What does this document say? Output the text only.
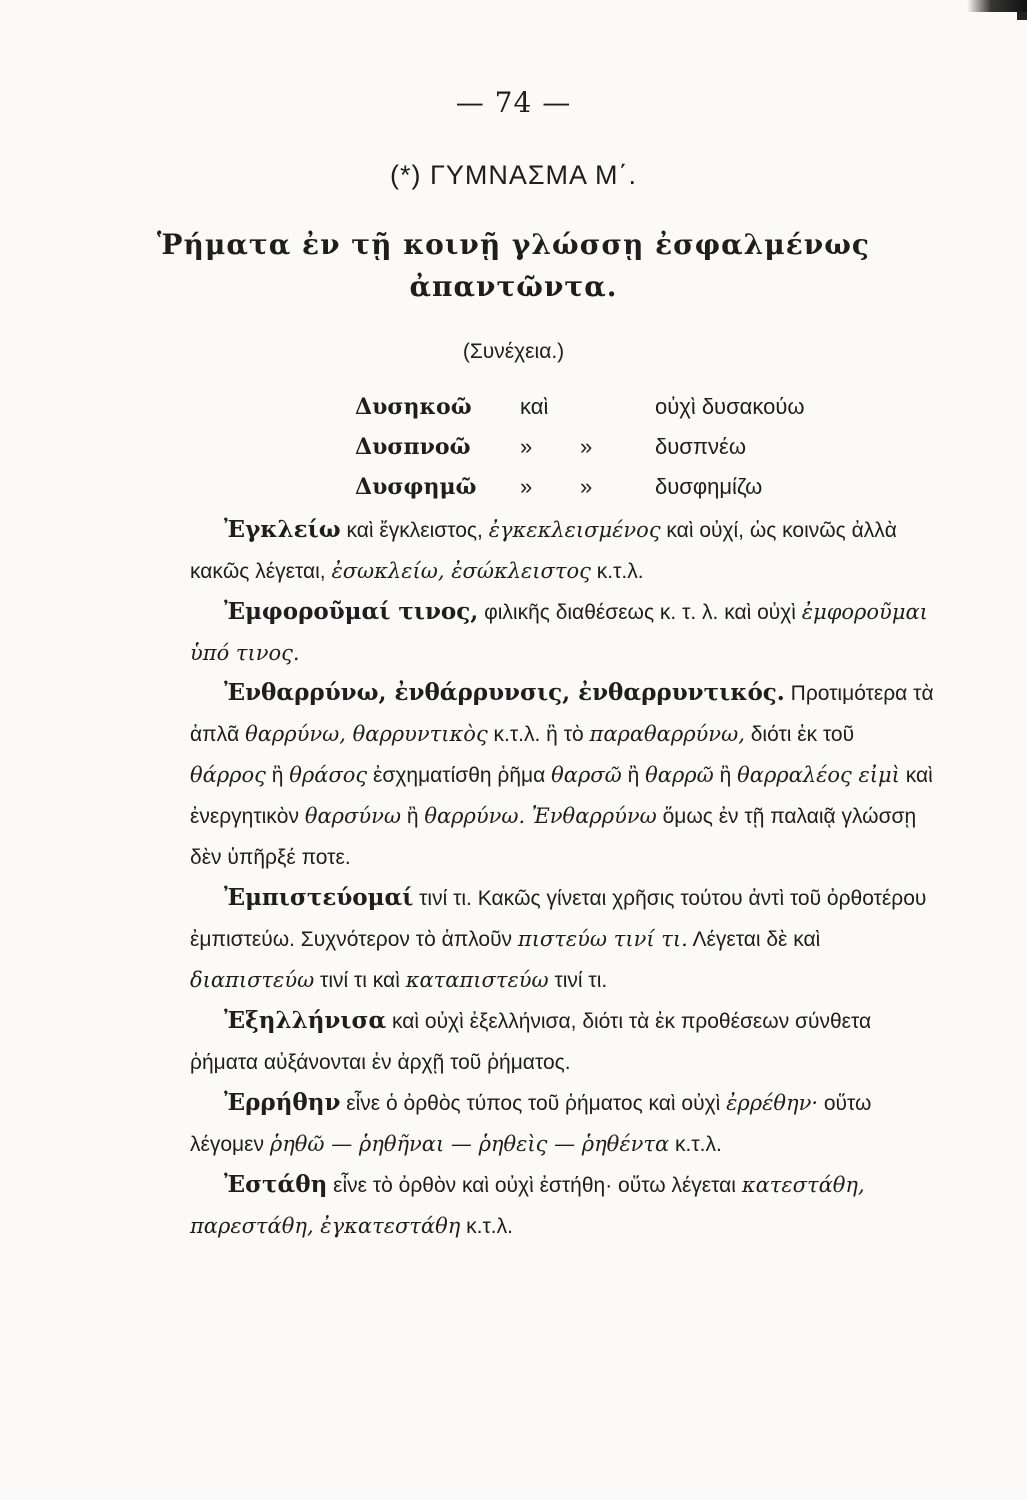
— 74 —
(*) ΓΥΜΝΑΣΜΑ Μ΄.
Ῥήματα ἐν τῇ κοινῇ γλώσσῃ ἐσφαλμένως
ἀπαντῶντα.
(Συνέχεια.)
Δυσηκοῶ καὶ	οὐχὶ δυσακούω
Δυσπνοῶ » »	δυσπνέω
Δυσφημῶ » »	δυσφημίζω

Ἐγκλείω καὶ ἔγκλειστος, ἐγκεκλεισμένος καὶ οὐχί, ὡς κοινῶς ἀλλὰ κακῶς λέγεται, ἐσωκλείω, ἐσώκλειστος κ.τ.λ.

Ἐμφοροῦμαί τινος, φιλικῆς διαθέσεως κ. τ. λ. καὶ οὐχὶ ἐμφοροῦμαι ὑπό τινος.

Ἐνθαρρύνω, ἐνθάρρυνσις, ἐνθαρρυντικός. Προτιμότερα τὰ ἁπλᾶ θαρρύνω, θαρρυντικὸς κ.τ.λ. ἢ τὸ παραθαρρύνω, διότι ἐκ τοῦ θάρρος ἢ θράσος ἐσχηματίσθη ῥῆμα θαρσῶ ἢ θαρρῶ ἢ θαρραλέος εἰμὶ καὶ ἐνεργητικὸν θαρσύνω ἢ θαρρύνω. Ἐνθαρρύνω ὅμως ἐν τῇ παλαιᾷ γλώσσῃ δὲν ὑπῆρξέ ποτε.

Ἐμπιστεύομαί τινί τι. Κακῶς γίνεται χρῆσις τούτου ἀντὶ τοῦ ὀρθοτέρου ἐμπιστεύω. Συχνότερον τὸ ἁπλοῦν πιστεύω τινί τι. Λέγεται δὲ καὶ διαπιστεύω τινί τι καὶ καταπιστεύω τινί τι.

Ἐξηλλήνισα καὶ οὐχὶ ἐξελλήνισα, διότι τὰ ἐκ προθέσεων σύνθετα ῥήματα αὐξάνονται ἐν ἀρχῇ τοῦ ῥήματος.

Ἐρρήθην εἶνε ὁ ὀρθὸς τύπος τοῦ ῥήματος καὶ οὐχὶ ἐρρέθην· οὕτω λέγομεν ῥηθῶ — ῥηθῆναι — ῥηθεὶς — ῥηθέντα κ.τ.λ.

Ἐστάθη εἶνε τὸ ὀρθὸν καὶ οὐχὶ ἐστήθη· οὕτω λέγεται κατεστάθη, παρεστάθη, ἐγκατεστάθη κ.τ.λ.
